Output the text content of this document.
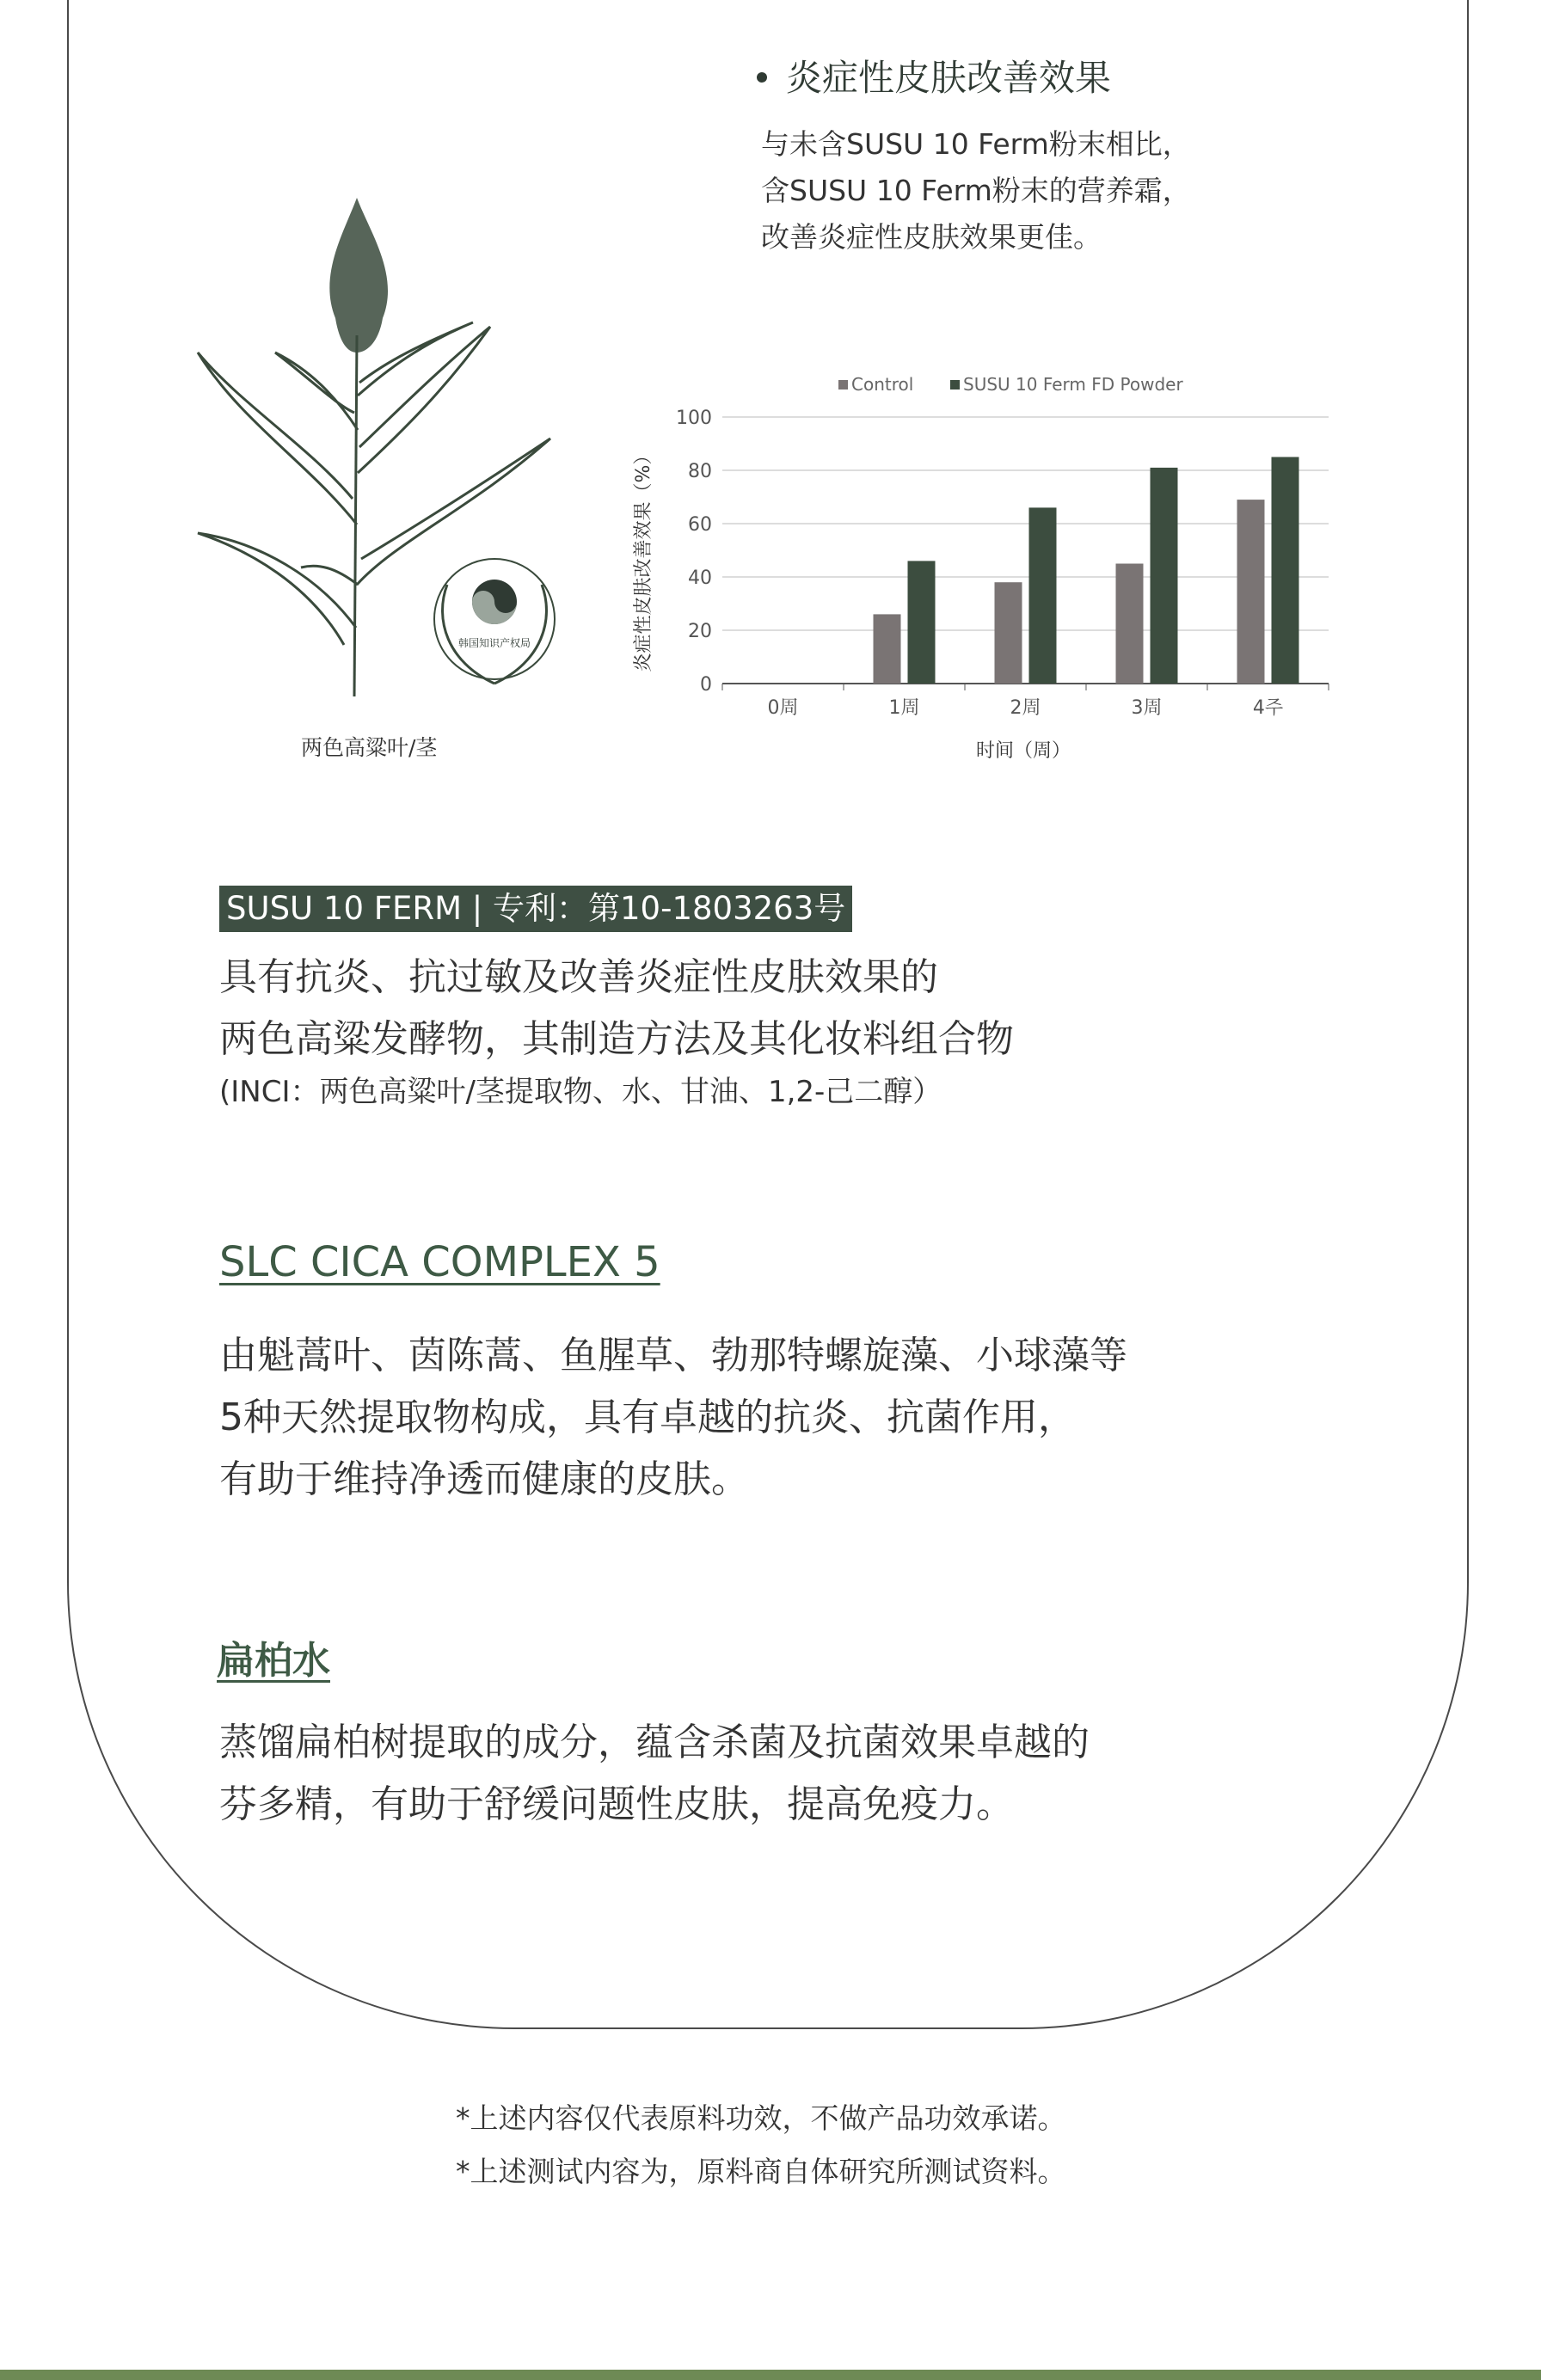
炎症性皮肤改善效果
与未含SUSU 10 Ferm粉末相比，
含SUSU 10 Ferm粉末的营养霜，
改善炎症性皮肤效果更佳。
韩国知识产权局
两色高粱叶/茎
Control	SUSU 10 Ferm FD Powder
0
20
40
60
80
100
0周	1周	2周	3周	4주
时间（周）
炎症性皮肤改善效果（%）
SUSU 10 FERM | 专利：第10-1803263号
具有抗炎、抗过敏及改善炎症性皮肤效果的
两色高粱发酵物，其制造方法及其化妆料组合物
(INCI：两色高粱叶/茎提取物、水、甘油、1,2-己二醇）
SLC CICA COMPLEX 5
由魁蒿叶、茵陈蒿、鱼腥草、勃那特螺旋藻、小球藻等
5种天然提取物构成，具有卓越的抗炎、抗菌作用，
有助于维持净透而健康的皮肤。
扁柏水
蒸馏扁柏树提取的成分，蕴含杀菌及抗菌效果卓越的
芬多精，有助于舒缓问题性皮肤，提高免疫力。
*上述内容仅代表原料功效，不做产品功效承诺。
*上述测试内容为，原料商自体研究所测试资料。
